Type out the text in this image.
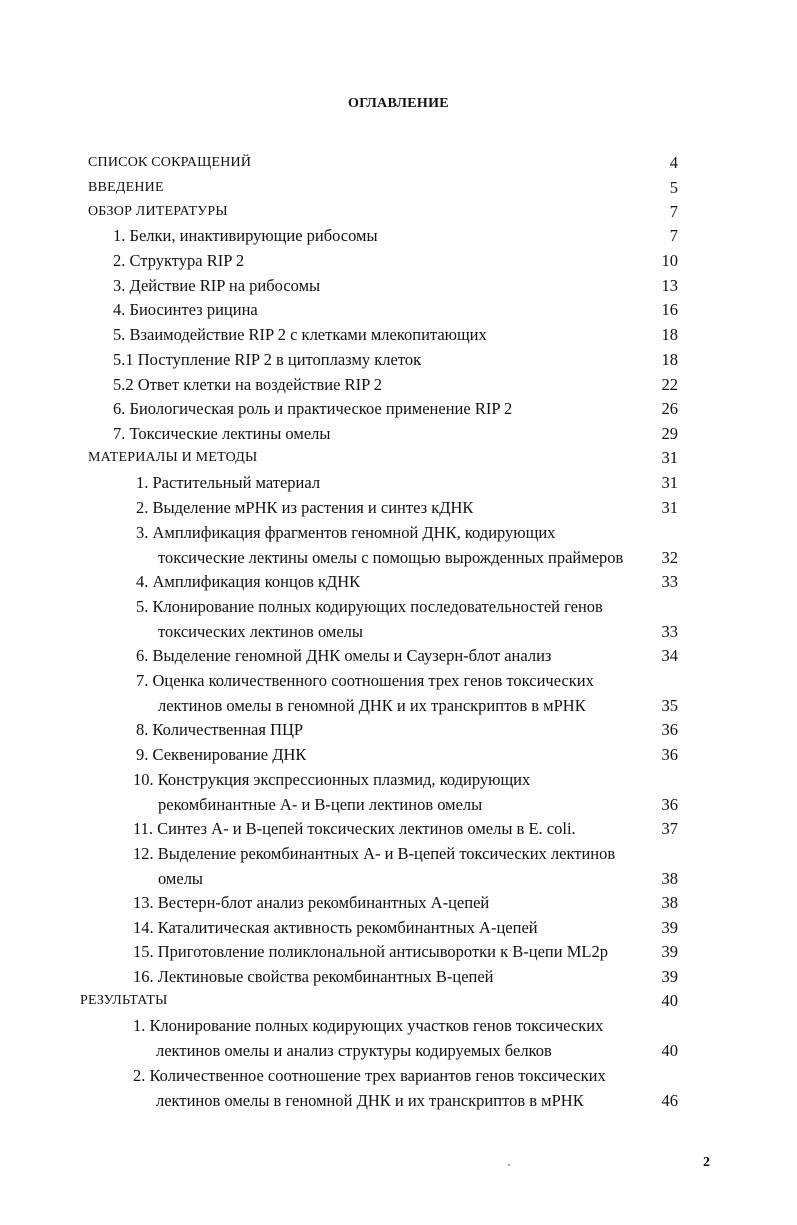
ОГЛАВЛЕНИЕ
СПИСОК СОКРАЩЕНИЙ	4
ВВЕДЕНИЕ	5
ОБЗОР ЛИТЕРАТУРЫ	7
1. Белки, инактивирующие рибосомы	7
2. Структура RIP 2	10
3. Действие RIP на рибосомы	13
4. Биосинтез рицина	16
5. Взаимодействие RIP 2 с клетками млекопитающих	18
5.1 Поступление RIP 2 в цитоплазму клеток	18
5.2 Ответ клетки на воздействие RIP 2	22
6. Биологическая роль и практическое применение RIP 2	26
7. Токсические лектины омелы	29
МАТЕРИАЛЫ И МЕТОДЫ	31
1. Растительный материал	31
2. Выделение мРНК из растения и синтез кДНК	31
3. Амплификация фрагментов геномной ДНК, кодирующих
токсические лектины омелы с помощью вырожденных праймеров	32
4. Амплификация концов кДНК	33
5. Клонирование полных кодирующих последовательностей генов
токсических лектинов омелы	33
6. Выделение геномной ДНК омелы и Саузерн-блот анализ	34
7. Оценка количественного соотношения трех генов токсических
лектинов омелы в геномной ДНК и их транскриптов в мРНК	35
8. Количественная ПЦР	36
9. Секвенирование ДНК	36
10. Конструкция экспрессионных плазмид, кодирующих
рекомбинантные А- и В-цепи лектинов омелы	36
11. Синтез А- и В-цепей токсических лектинов омелы в E. coli.	37
12. Выделение рекомбинантных А- и В-цепей токсических лектинов
омелы	38
13. Вестерн-блот анализ рекомбинантных А-цепей	38
14. Каталитическая активность рекомбинантных А-цепей	39
15. Приготовление поликлональной антисыворотки к В-цепи ML2p	39
16. Лектиновые свойства рекомбинантных В-цепей	39
РЕЗУЛЬТАТЫ	40
1. Клонирование полных кодирующих участков генов токсических
лектинов омелы и анализ структуры кодируемых белков	40
2. Количественное соотношение трех вариантов генов токсических
лектинов омелы в геномной ДНК и их транскриптов в мРНК	46
2
